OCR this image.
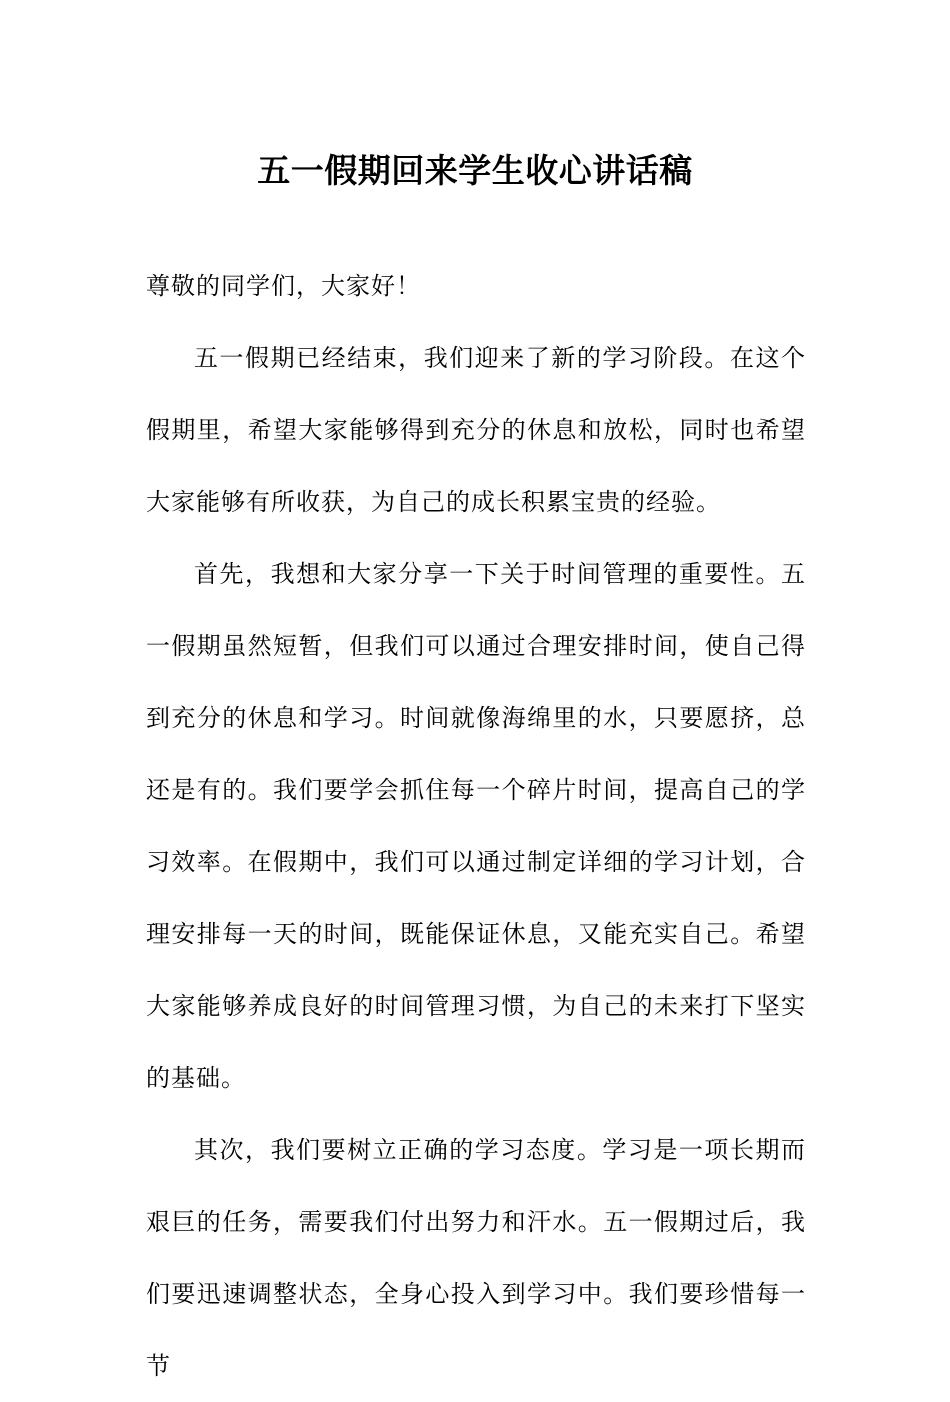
五一假期回来学生收心讲话稿

尊敬的同学们，大家好！

五一假期已经结束，我们迎来了新的学习阶段。在这个假期里，希望大家能够得到充分的休息和放松，同时也希望大家能够有所收获，为自己的成长积累宝贵的经验。

首先，我想和大家分享一下关于时间管理的重要性。五一假期虽然短暂，但我们可以通过合理安排时间，使自己得到充分的休息和学习。时间就像海绵里的水，只要愿挤，总还是有的。我们要学会抓住每一个碎片时间，提高自己的学习效率。在假期中，我们可以通过制定详细的学习计划，合理安排每一天的时间，既能保证休息，又能充实自己。希望大家能够养成良好的时间管理习惯，为自己的未来打下坚实的基础。

其次，我们要树立正确的学习态度。学习是一项长期而艰巨的任务，需要我们付出努力和汗水。五一假期过后，我们要迅速调整状态，全身心投入到学习中。我们要珍惜每一节
